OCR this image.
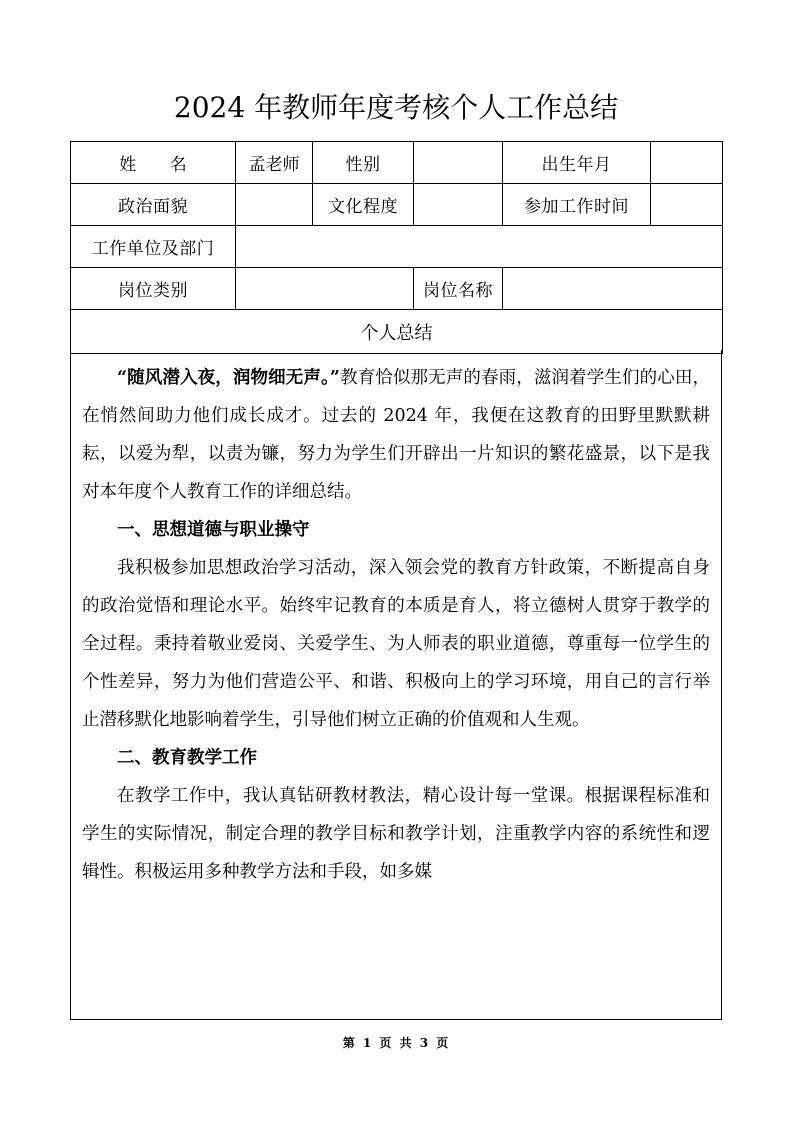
2024 年教师年度考核个人工作总结
姓 名	孟老师	性别		出生年月	
政治面貌		文化程度		参加工作时间	
工作单位及部门					
岗位类别			岗位名称		
个人总结					

“随风潜入夜，润物细无声。”教育恰似那无声的春雨，滋润着学生们的心田，在悄然间助力他们成长成才。过去的 2024 年，我便在这教育的田野里默默耕耘，以爱为犁，以责为镰，努力为学生们开辟出一片知识的繁花盛景，以下是我对本年度个人教育工作的详细总结。

一、思想道德与职业操守

我积极参加思想政治学习活动，深入领会党的教育方针政策，不断提高自身的政治觉悟和理论水平。始终牢记教育的本质是育人，将立德树人贯穿于教学的全过程。秉持着敬业爱岗、关爱学生、为人师表的职业道德，尊重每一位学生的个性差异，努力为他们营造公平、和谐、积极向上的学习环境，用自己的言行举止潜移默化地影响着学生，引导他们树立正确的价值观和人生观。

二、教育教学工作

在教学工作中，我认真钻研教材教法，精心设计每一堂课。根据课程标准和学生的实际情况，制定合理的教学目标和教学计划，注重教学内容的系统性和逻辑性。积极运用多种教学方法和手段，如多媒

第 1 页 共 3 页
